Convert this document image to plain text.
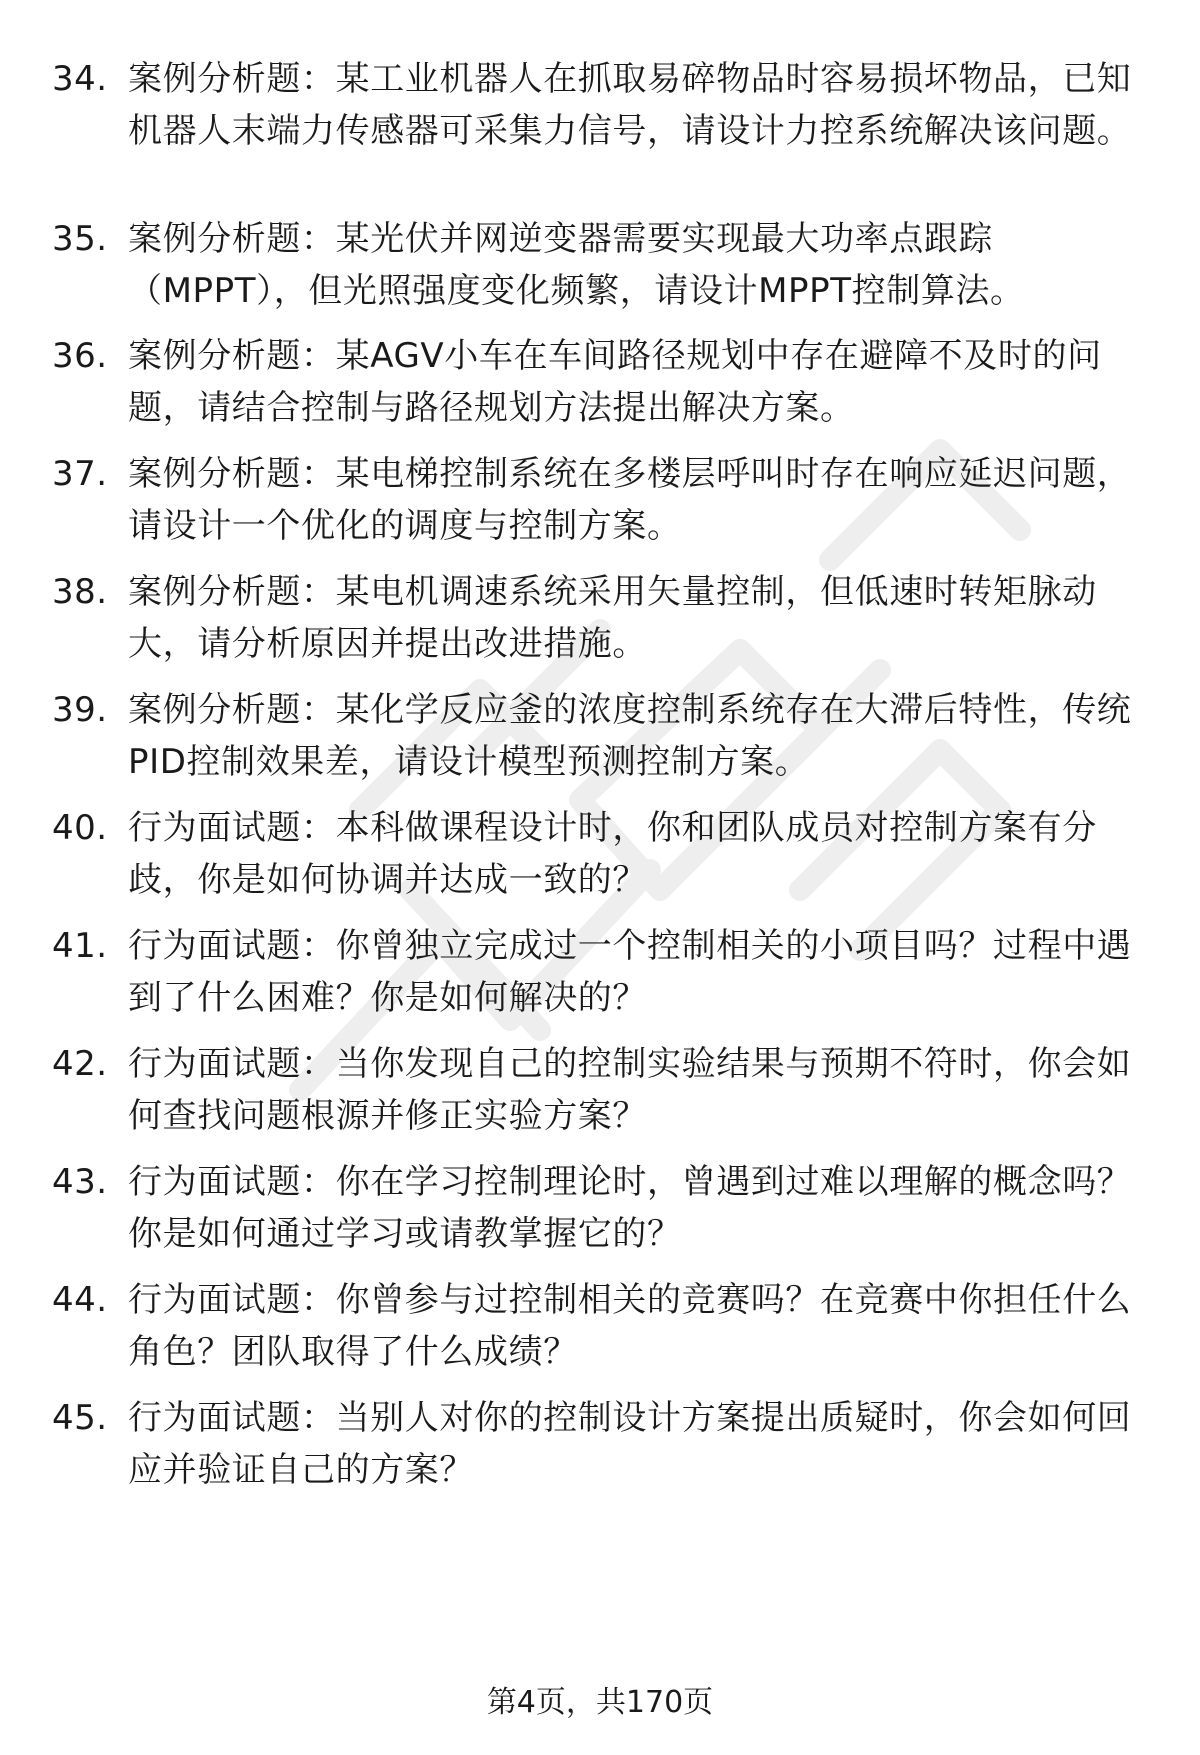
34. 案例分析题：某工业机器人在抓取易碎物品时容易损坏物品，已知机器人末端力传感器可采集力信号，请设计力控系统解决该问题。
35. 案例分析题：某光伏并网逆变器需要实现最大功率点跟踪（MPPT），但光照强度变化频繁，请设计MPPT控制算法。
36. 案例分析题：某AGV小车在车间路径规划中存在避障不及时的问题，请结合控制与路径规划方法提出解决方案。
37. 案例分析题：某电梯控制系统在多楼层呼叫时存在响应延迟问题，请设计一个优化的调度与控制方案。
38. 案例分析题：某电机调速系统采用矢量控制，但低速时转矩脉动大，请分析原因并提出改进措施。
39. 案例分析题：某化学反应釜的浓度控制系统存在大滞后特性，传统PID控制效果差，请设计模型预测控制方案。
40. 行为面试题：本科做课程设计时，你和团队成员对控制方案有分歧，你是如何协调并达成一致的？
41. 行为面试题：你曾独立完成过一个控制相关的小项目吗？过程中遇到了什么困难？你是如何解决的？
42. 行为面试题：当你发现自己的控制实验结果与预期不符时，你会如何查找问题根源并修正实验方案？
43. 行为面试题：你在学习控制理论时，曾遇到过难以理解的概念吗？你是如何通过学习或请教掌握它的？
44. 行为面试题：你曾参与过控制相关的竞赛吗？在竞赛中你担任什么角色？团队取得了什么成绩？
45. 行为面试题：当别人对你的控制设计方案提出质疑时，你会如何回应并验证自己的方案？
第4页，共170页
